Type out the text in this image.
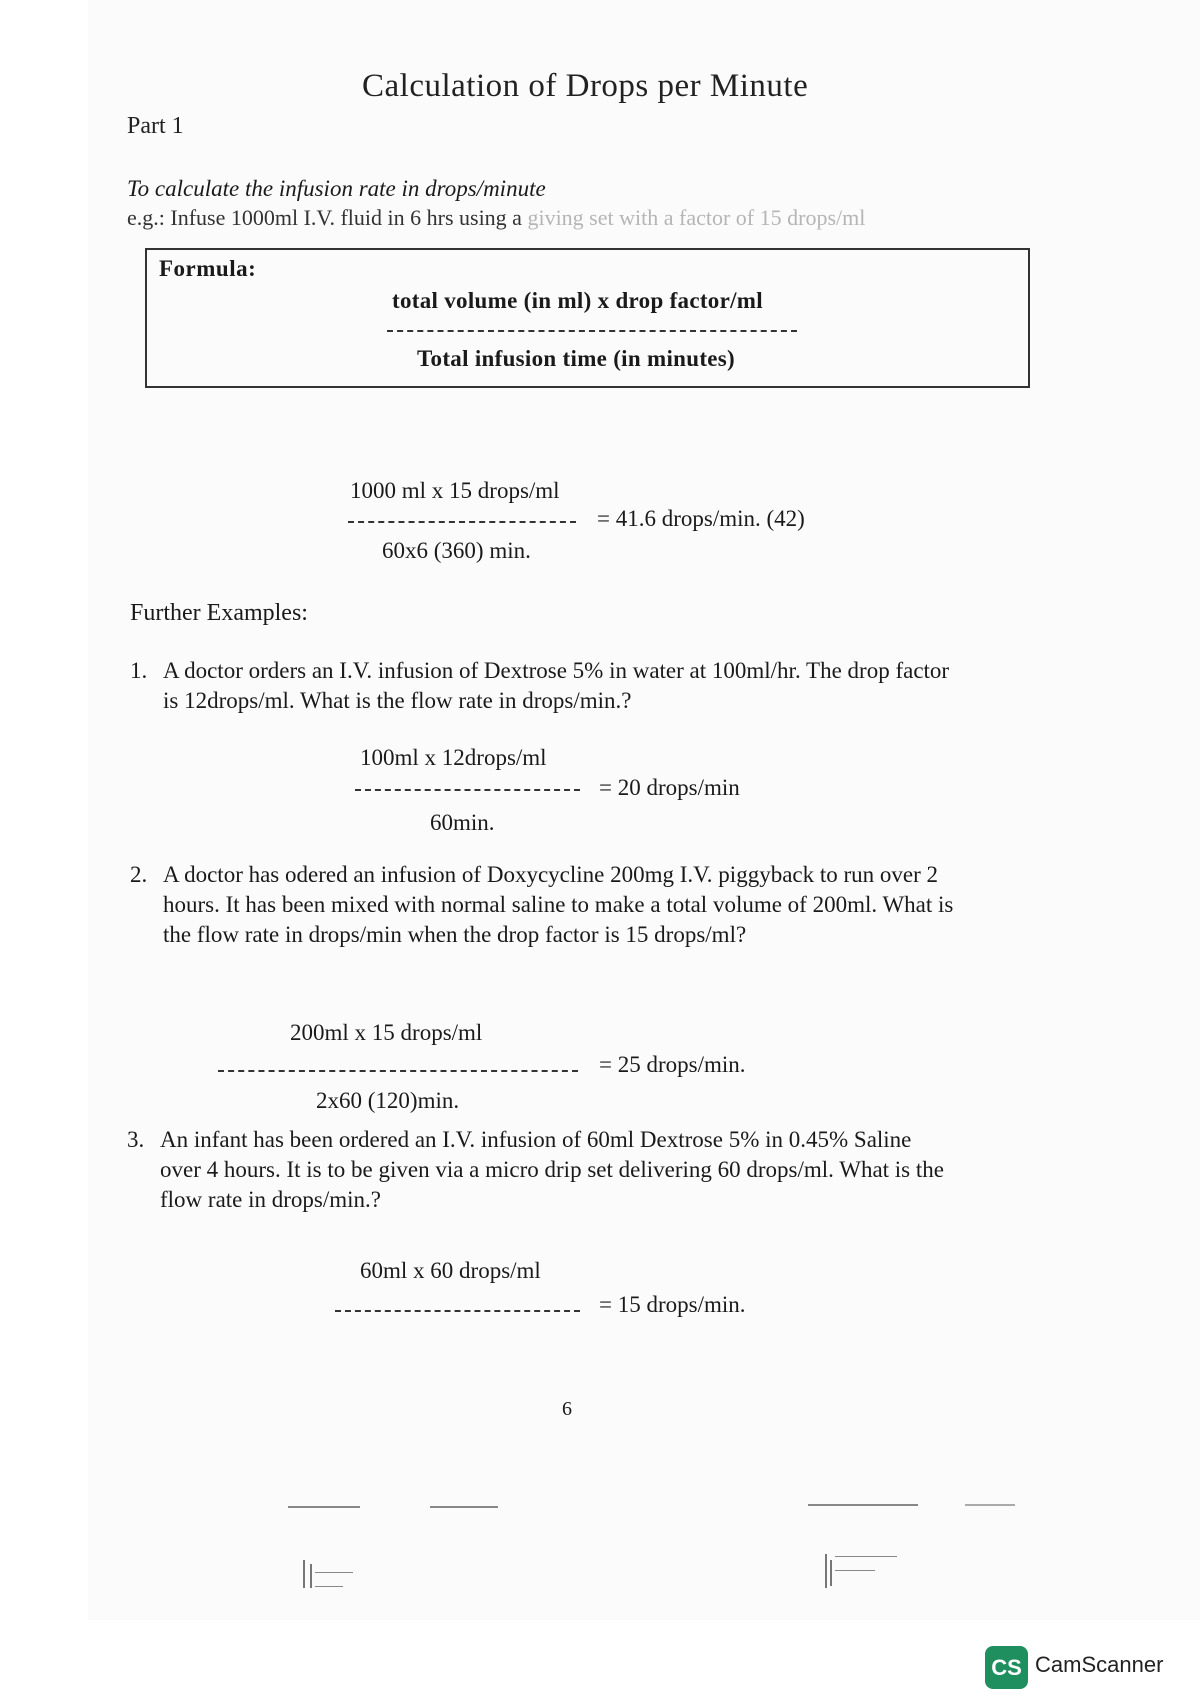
Calculation of Drops per Minute
Part 1
To calculate the infusion rate in drops/minute
e.g.: Infuse 1000ml I.V. fluid in 6 hrs using a giving set with a factor of 15 drops/ml
Formula:
total volume (in ml) x drop factor/ml
Total infusion time (in minutes)
1000 ml x 15 drops/ml
= 41.6 drops/min. (42)
60x6 (360) min.
Further Examples:
1. A doctor orders an I.V. infusion of Dextrose 5% in water at 100ml/hr. The drop factor
is 12drops/ml. What is the flow rate in drops/min.?
100ml x 12drops/ml
= 20 drops/min
60min.
2. A doctor has odered an infusion of Doxycycline 200mg I.V. piggyback to run over 2
hours. It has been mixed with normal saline to make a total volume of 200ml. What is
the flow rate in drops/min when the drop factor is 15 drops/ml?
200ml x 15 drops/ml
= 25 drops/min.
2x60 (120)min.
3. An infant has been ordered an I.V. infusion of 60ml Dextrose 5% in 0.45% Saline
over 4 hours. It is to be given via a micro drip set delivering 60 drops/ml. What is the
flow rate in drops/min.?
60ml x 60 drops/ml
= 15 drops/min.
6
CS CamScanner
